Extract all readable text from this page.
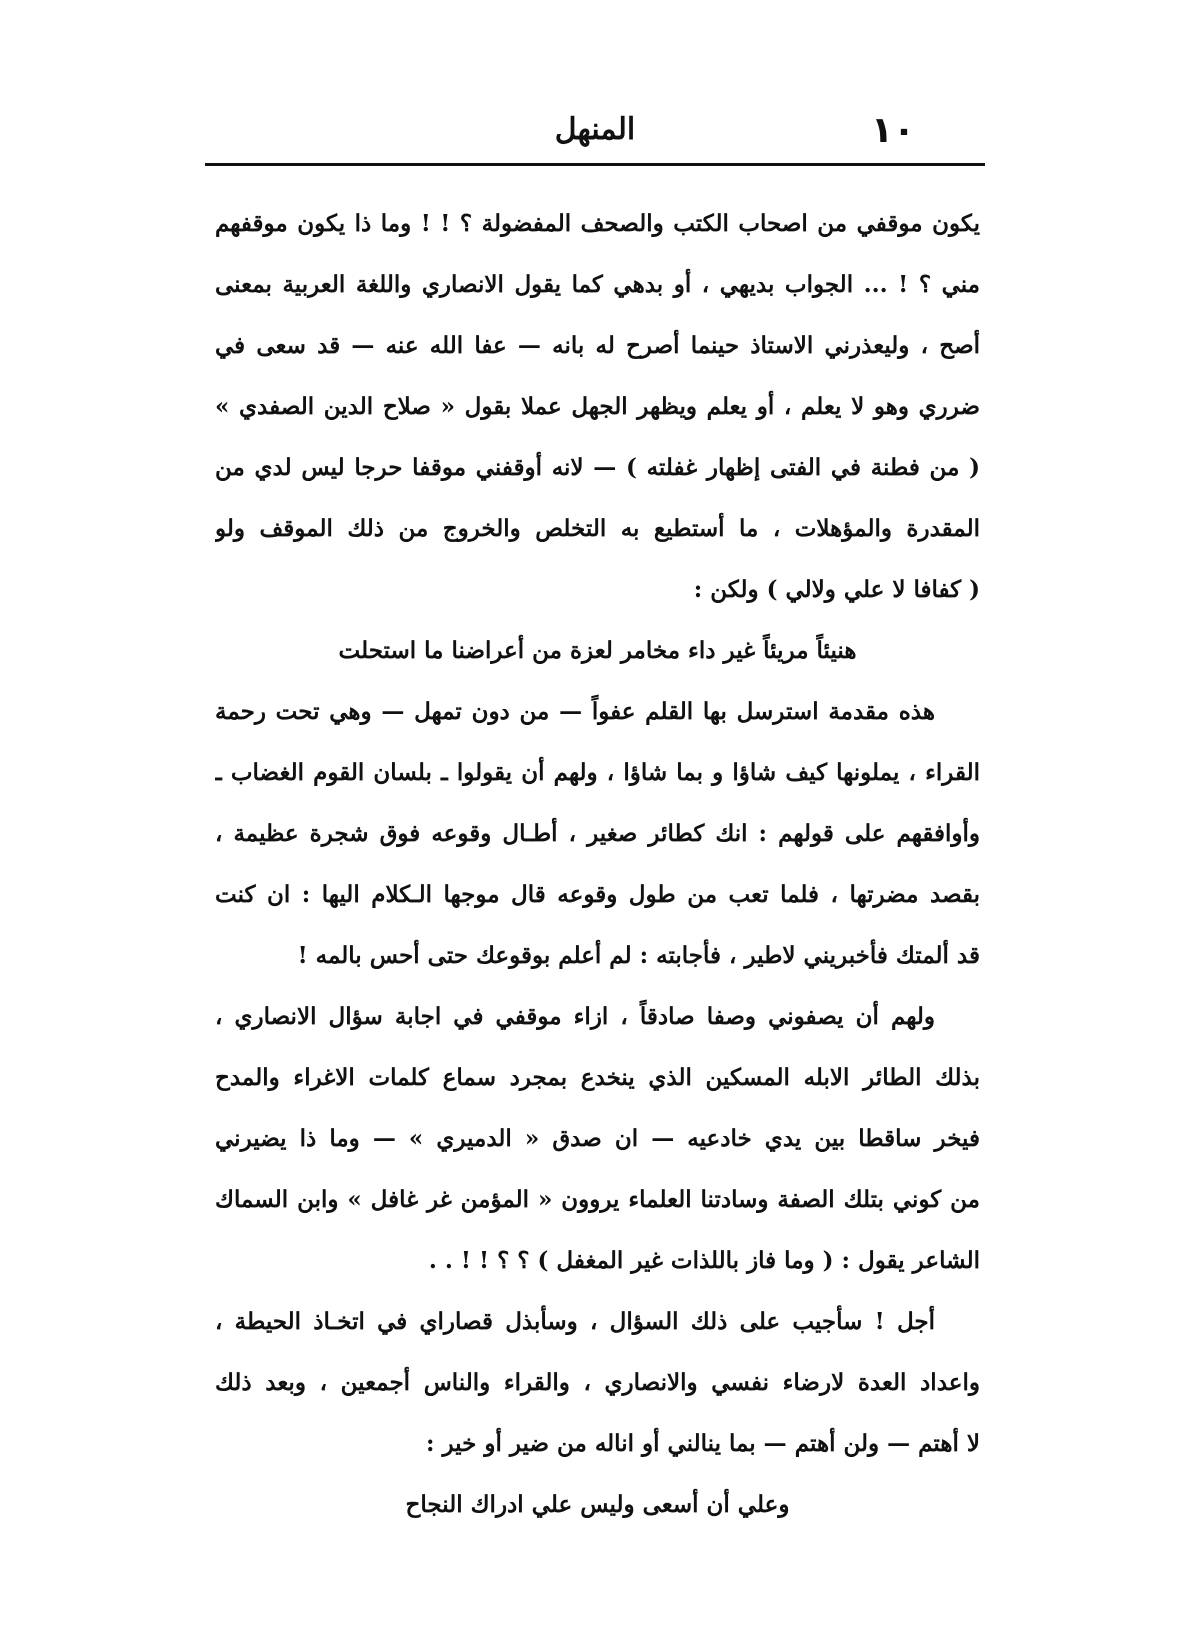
١٠
المنهل
يكون موقفي من اصحاب الكتب والصحف المفضولة ؟ ! ! وما ذا يكون موقفهم
مني ؟ ! ... الجواب بديهي ، أو بدهي كما يقول الانصاري واللغة العربية بمعنى
أصح ، وليعذرني الاستاذ حينما أصرح له بانه — عفا الله عنه — قد سعى في
ضرري وهو لا يعلم ، أو يعلم ويظهر الجهل عملا بقول « صلاح الدين الصفدي »
( من فطنة في الفتى إظهار غفلته ) — لانه أوقفني موقفا حرجا ليس لدي من
المقدرة والمؤهلات ، ما أستطيع به التخلص والخروج من ذلك الموقف ولو
( كفافا لا علي ولالي ) ولكن :
هنيئاً مريئاً غير داء مخامر لعزة من أعراضنا ما استحلت
هذه مقدمة استرسل بها القلم عفواً — من دون تمهل — وهي تحت رحمة
القراء ، يملونها كيف شاؤا و بما شاؤا ، ولهم أن يقولوا ـ بلسان القوم الغضاب ـ
وأوافقهم على قولهم : انك كطائر صغير ، أطـال وقوعه فوق شجرة عظيمة ،
بقصد مضرتها ، فلما تعب من طول وقوعه قال موجها الـكلام اليها : ان كنت
قد ألمتك فأخبريني لاطير ، فأجابته : لم أعلم بوقوعك حتى أحس بالمه !
ولهم أن يصفوني وصفا صادقاً ، ازاء موقفي في اجابة سؤال الانصاري ،
بذلك الطائر الابله المسكين الذي ينخدع بمجرد سماع كلمات الاغراء والمدح
فيخر ساقطا بين يدي خادعيه — ان صدق « الدميري » — وما ذا يضيرني
من كوني بتلك الصفة وسادتنا العلماء يروون « المؤمن غر غافل » وابن السماك
الشاعر يقول : ( وما فاز باللذات غير المغفل ) ؟ ؟ ! ! . .
أجل ! سأجيب على ذلك السؤال ، وسأبذل قصاراي في اتخـاذ الحيطة ،
واعداد العدة لارضاء نفسي والانصاري ، والقراء والناس أجمعين ، وبعد ذلك
لا أهتم — ولن أهتم — بما ينالني أو اناله من ضير أو خير :
وعلي أن أسعى وليس علي ادراك النجاح
